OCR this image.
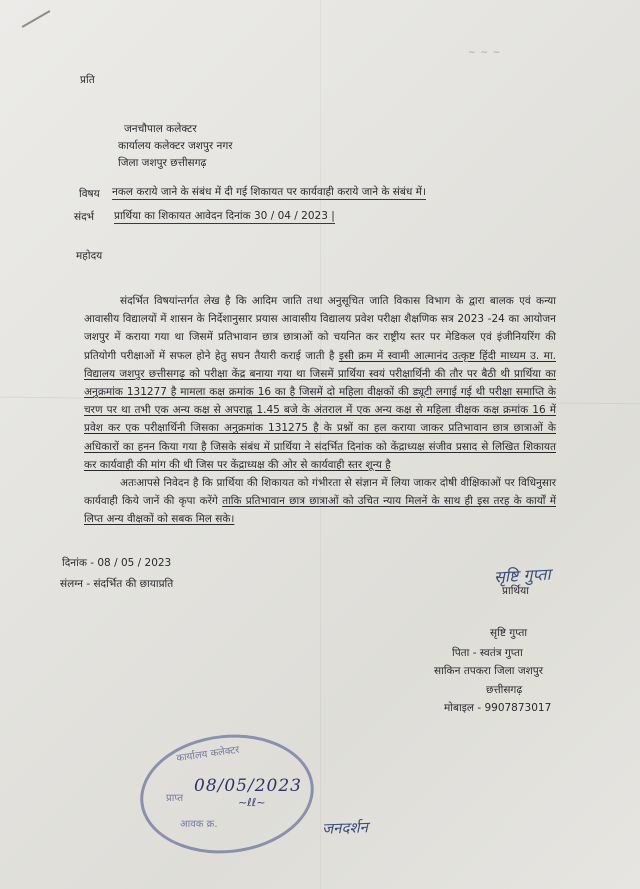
~ ~ ~
प्रति
जनचौपाल कलेक्टर
कार्यालय कलेक्टर जशपुर नगर
जिला जशपुर छत्तीसगढ़
विषय नकल कराये जाने के संबंध में दी गई शिकायत पर कार्यवाही कराये जाने के संबंध में।
संदर्भ प्रार्थिया का शिकायत आवेदन दिनांक 30 / 04 / 2023 |
महोदय

संदर्भित विषयांन्तर्गत लेख है कि आदिम जाति तथा अनुसूचित जाति विकास विभाग के द्वारा बालक एवं कन्या आवासीय विद्यालयों में शासन के निर्देशानुसार प्रयास आवासीय विद्यालय प्रवेश परीक्षा शैक्षणिक सत्र 2023 -24 का आयोजन जशपुर में कराया गया था जिसमें प्रतिभावान छात्र छात्राओं को चयनित कर राष्ट्रीय स्तर पर मेडिकल एवं इंजीनियरिंग की प्रतियोगी परीक्षाओं में सफल होने हेतु सघन तैयारी कराई जाती है इसी क्रम में स्वामी आत्मानंद उत्कृष्ट हिंदी माध्यम उ. मा. विद्यालय जशपुर छत्तीसगढ़ को परीक्षा केंद्र बनाया गया था जिसमें प्रार्थिया स्वयं परीक्षार्थिनी की तौर पर बैठी थी प्रार्थिया का अनुक्रमांक 131277 है मामला कक्ष क्रमांक 16 का है जिसमें दो महिला वीक्षकों की ड्यूटी लगाई गई थी परीक्षा समाप्ति के चरण पर था तभी एक अन्य कक्ष से अपराह्न 1.45 बजे के अंतराल में एक अन्य कक्ष से महिला वीक्षक कक्ष क्रमांक 16 में प्रवेश कर एक परीक्षार्थिनी जिसका अनुक्रमांक 131275 है के प्रश्नों का हल कराया जाकर प्रतिभावान छात्र छात्राओं के अधिकारों का हनन किया गया है जिसके संबंध में प्रार्थिया ने संदर्भित दिनांक को केंद्राध्यक्ष संजीव प्रसाद से लिखित शिकायत कर कार्यवाही की मांग की थी जिस पर केंद्राध्यक्ष की ओर से कार्यवाही स्तर शून्य है

अतःआपसे निवेदन है कि प्रार्थिया की शिकायत को गंभीरता से संज्ञान में लिया जाकर दोषी वीक्षिकाओं पर विधिनुसार कार्यवाही किये जानें की कृपा करेंगे ताकि प्रतिभावान छात्र छात्राओं को उचित न्याय मिलनें के साथ ही इस तरह के कार्यों में लिप्त अन्य वीक्षकों को सबक मिल सके।

दिनांक - 08 / 05 / 2023
संलग्न - संदर्भित की छायाप्रति	सृष्टि गुप्ता
प्रार्थिया
सृष्टि गुप्ता
पिता - स्वतंत्र गुप्ता
साकिन तपकरा जिला जशपुर
छत्तीसगढ़
मोबाइल - 9907873017
कार्यालय कलेक्टर
प्राप्त
आवक क्र.
08/05/2023
~ℓℓ~
जनदर्शन
